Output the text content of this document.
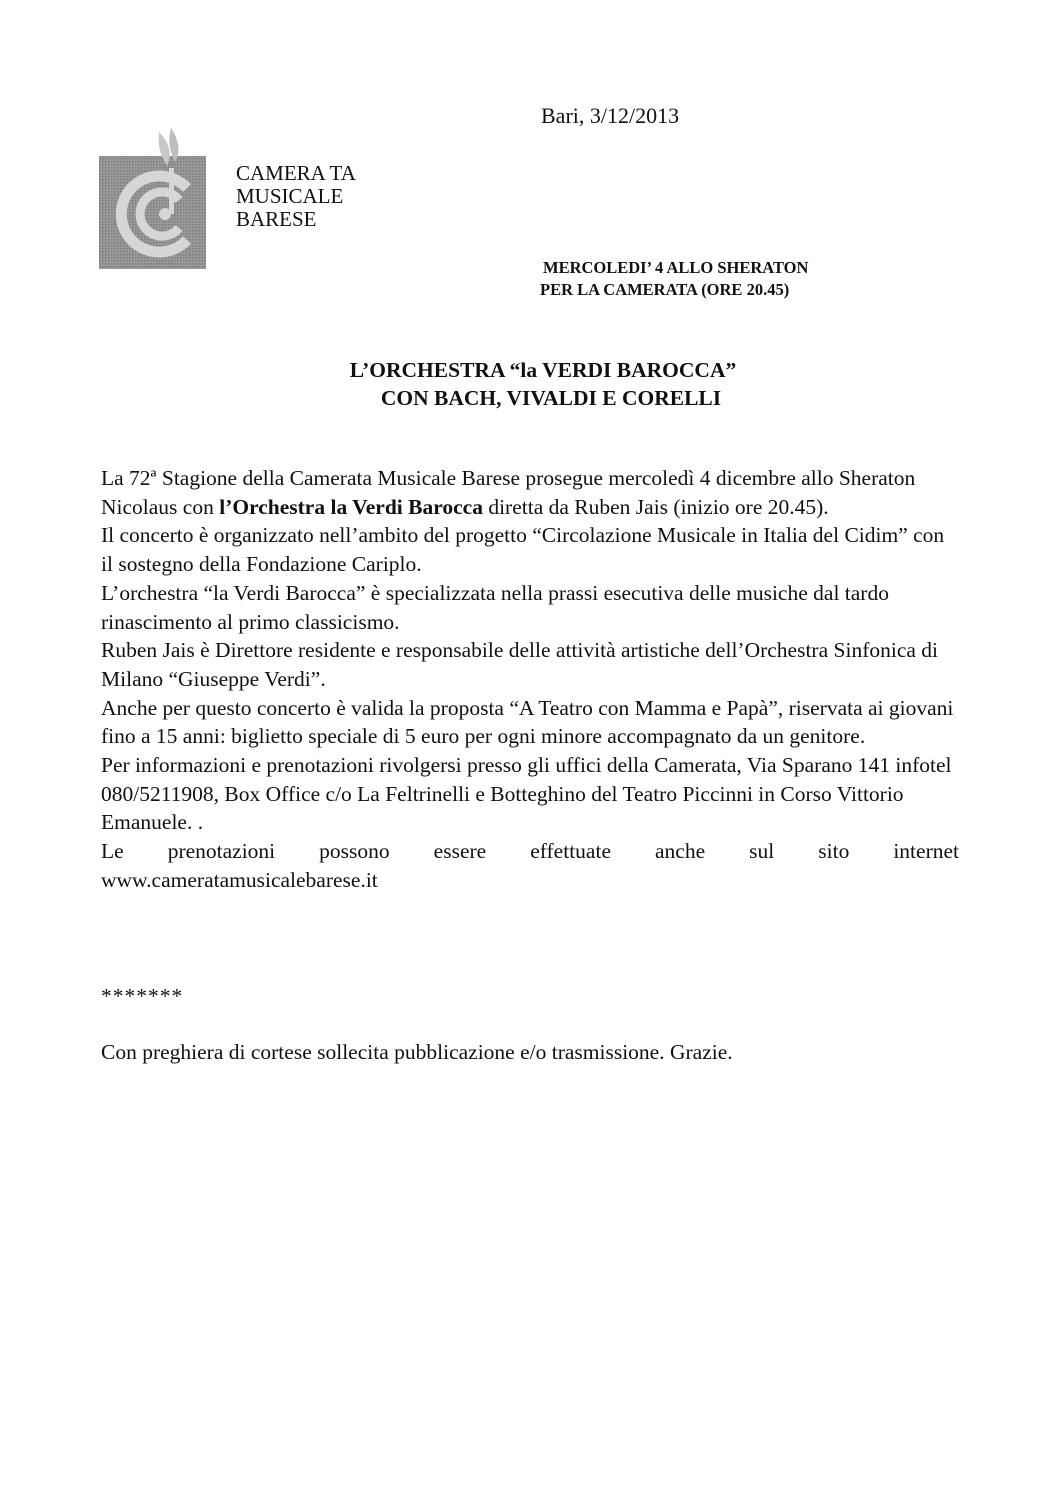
Bari, 3/12/2013
CAMERA TA
MUSICALE
BARESE
MERCOLEDI’ 4 ALLO SHERATON
PER LA CAMERATA (ORE 20.45)
L’ORCHESTRA “la VERDI BAROCCA”
CON BACH, VIVALDI E CORELLI

La 72ª Stagione della Camerata Musicale Barese prosegue mercoledì 4 dicembre allo Sheraton Nicolaus con l’Orchestra la Verdi Barocca diretta da Ruben Jais (inizio ore 20.45).

Il concerto è organizzato nell’ambito del progetto “Circolazione Musicale in Italia del Cidim” con il sostegno della Fondazione Cariplo.

L’orchestra “la Verdi Barocca” è specializzata nella prassi esecutiva delle musiche dal tardo rinascimento al primo classicismo.

Ruben Jais è Direttore residente e responsabile delle attività artistiche dell’Orchestra Sinfonica di Milano “Giuseppe Verdi”.

Anche per questo concerto è valida la proposta “A Teatro con Mamma e Papà”, riservata ai giovani fino a 15 anni: biglietto speciale di 5 euro per ogni minore accompagnato da un genitore.

Per informazioni e prenotazioni rivolgersi presso gli uffici della Camerata, Via Sparano 141 infotel 080/5211908, Box Office c/o La Feltrinelli e Botteghino del Teatro Piccinni in Corso Vittorio Emanuele. .

Le prenotazioni possono essere effettuate anche sul sito internet

www.cameratamusicalebarese.it

*******
Con preghiera di cortese sollecita pubblicazione e/o trasmissione. Grazie.
